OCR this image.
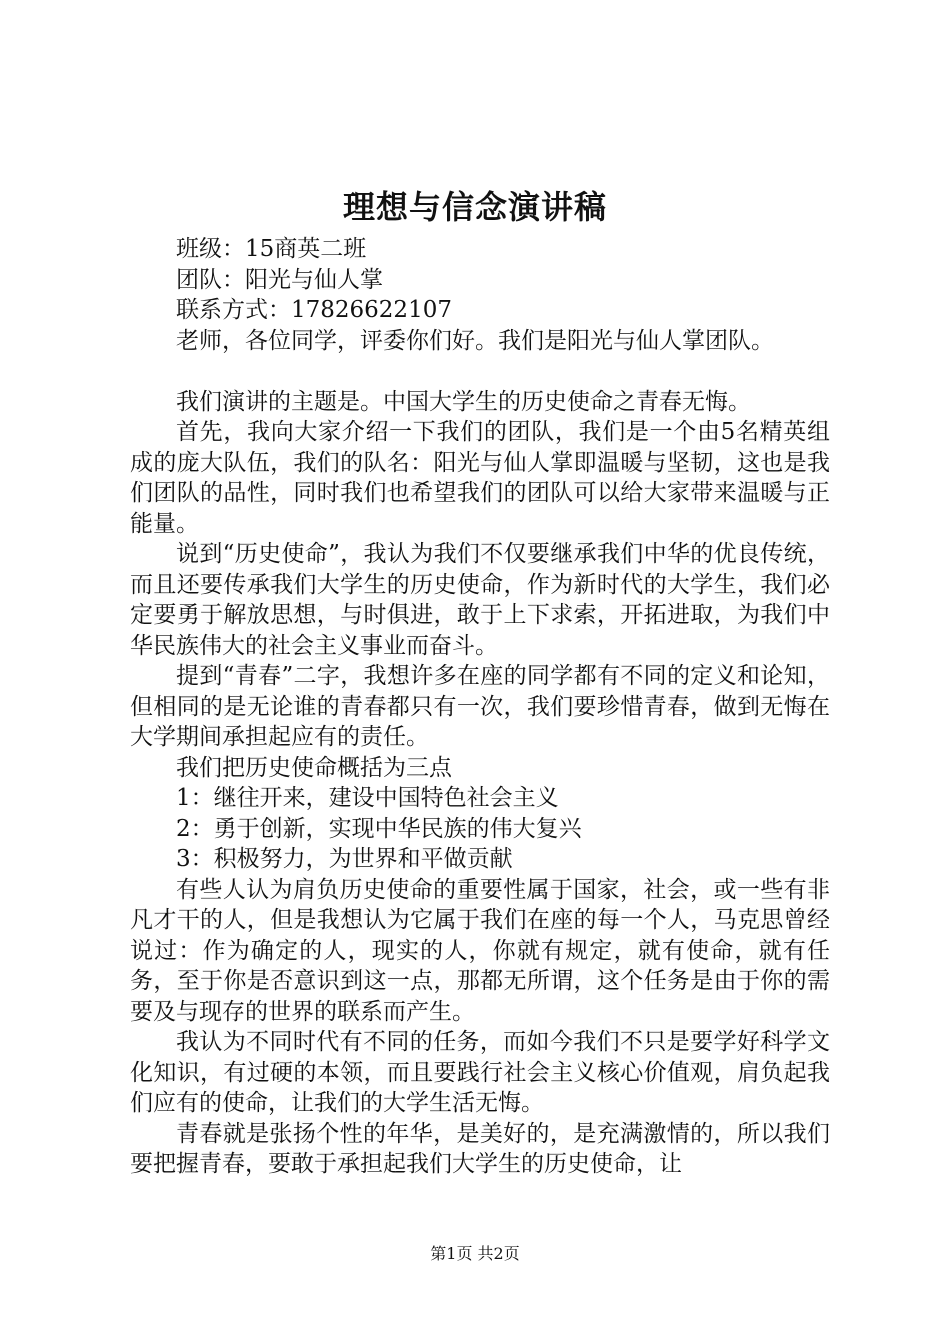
理想与信念演讲稿

班级：15商英二班

团队：阳光与仙人掌

联系方式：17826622107

老师，各位同学，评委你们好。我们是阳光与仙人掌团队。

我们演讲的主题是。中国大学生的历史使命之青春无悔。

首先，我向大家介绍一下我们的团队，我们是一个由5名精英组成的庞大队伍，我们的队名：阳光与仙人掌即温暖与坚韧，这也是我们团队的品性，同时我们也希望我们的团队可以给大家带来温暖与正能量。

说到“历史使命”，我认为我们不仅要继承我们中华的优良传统，而且还要传承我们大学生的历史使命，作为新时代的大学生，我们必定要勇于解放思想，与时俱进，敢于上下求索，开拓进取，为我们中华民族伟大的社会主义事业而奋斗。

提到“青春”二字，我想许多在座的同学都有不同的定义和论知，但相同的是无论谁的青春都只有一次，我们要珍惜青春，做到无悔在大学期间承担起应有的责任。

我们把历史使命概括为三点

1：继往开来，建设中国特色社会主义

2：勇于创新，实现中华民族的伟大复兴

3：积极努力，为世界和平做贡献

有些人认为肩负历史使命的重要性属于国家，社会，或一些有非凡才干的人，但是我想认为它属于我们在座的每一个人，马克思曾经说过：作为确定的人，现实的人，你就有规定，就有使命，就有任务，至于你是否意识到这一点，那都无所谓，这个任务是由于你的需要及与现存的世界的联系而产生。

我认为不同时代有不同的任务，而如今我们不只是要学好科学文化知识，有过硬的本领，而且要践行社会主义核心价值观，肩负起我们应有的使命，让我们的大学生活无悔。

青春就是张扬个性的年华，是美好的，是充满激情的，所以我们要把握青春，要敢于承担起我们大学生的历史使命，让

第1页 共2页
